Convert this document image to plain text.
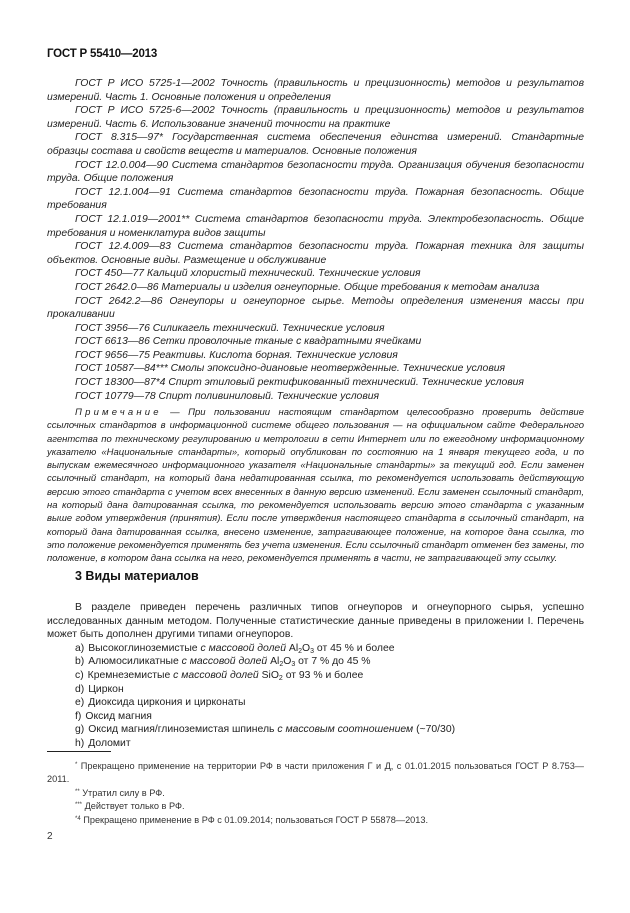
ГОСТ Р 55410—2013

ГОСТ Р ИСО 5725-1—2002 Точность (правильность и прецизионность) методов и результатов измерений. Часть 1. Основные положения и определения

ГОСТ Р ИСО 5725-6—2002 Точность (правильность и прецизионность) методов и результатов измерений. Часть 6. Использование значений точности на практике

ГОСТ 8.315—97* Государственная система обеспечения единства измерений. Стандартные образцы состава и свойств веществ и материалов. Основные положения

ГОСТ 12.0.004—90 Система стандартов безопасности труда. Организация обучения безопасности труда. Общие положения

ГОСТ 12.1.004—91 Система стандартов безопасности труда. Пожарная безопасность. Общие требования

ГОСТ 12.1.019—2001** Система стандартов безопасности труда. Электробезопасность. Общие требования и номенклатура видов защиты

ГОСТ 12.4.009—83 Система стандартов безопасности труда. Пожарная техника для защиты объектов. Основные виды. Размещение и обслуживание

ГОСТ 450—77 Кальций хлористый технический. Технические условия

ГОСТ 2642.0—86 Материалы и изделия огнеупорные. Общие требования к методам анализа

ГОСТ 2642.2—86 Огнеупоры и огнеупорное сырье. Методы определения изменения массы при прокаливании

ГОСТ 3956—76 Силикагель технический. Технические условия

ГОСТ 6613—86 Сетки проволочные тканые с квадратными ячейками

ГОСТ 9656—75 Реактивы. Кислота борная. Технические условия

ГОСТ 10587—84*** Смолы эпоксидно-диановые неотвержденные. Технические условия

ГОСТ 18300—87*4 Спирт этиловый ректификованный технический. Технические условия

ГОСТ 10779—78 Спирт поливиниловый. Технические условия

Примечание — При пользовании настоящим стандартом целесообразно проверить действие ссылочных стандартов в информационной системе общего пользования — на официальном сайте Федерального агентства по техническому регулированию и метрологии в сети Интернет или по ежегодному информационному указателю «Национальные стандарты», который опубликован по состоянию на 1 января текущего года, и по выпускам ежемесячного информационного указателя «Национальные стандарты» за текущий год. Если заменен ссылочный стандарт, на который дана недатированная ссылка, то рекомендуется использовать действующую версию этого стандарта с учетом всех внесенных в данную версию изменений. Если заменен ссылочный стандарт, на который дана датированная ссылка, то рекомендуется использовать версию этого стандарта с указанным выше годом утверждения (принятия). Если после утверждения настоящего стандарта в ссылочный стандарт, на который дана датированная ссылка, внесено изменение, затрагивающее положение, на которое дана ссылка, то это положение рекомендуется применять без учета изменения. Если ссылочный стандарт отменен без замены, то положение, в котором дана ссылка на него, рекомендуется применять в части, не затрагивающей эту ссылку.

3 Виды материалов

В разделе приведен перечень различных типов огнеупоров и огнеупорного сырья, успешно исследованных данным методом. Полученные статистические данные приведены в приложении I. Перечень может быть дополнен другими типами огнеупоров.

a) Высокоглиноземистые с массовой долей $Al_2O_3$ от 45 % и более
b) Алюмосиликатные с массовой долей $Al_2O_3$ от 7 % до 45 %
c) Кремнеземистые с массовой долей SiO$_2$ от 93 % и более
d) Циркон
e) Диоксида циркония и цирконаты
f) Оксид магния
g) Оксид магния/глиноземистая шпинель с массовым соотношением (~70/30)
h) Доломит

* Прекращено применение на территории РФ в части приложения Г и Д, с 01.01.2015 пользоваться ГОСТ Р 8.753—2011.

** Утратил силу в РФ.

*** Действует только в РФ.

$^{*4}$ Прекращено применение в РФ с 01.09.2014; пользоваться ГОСТ Р 55878—2013.

2
